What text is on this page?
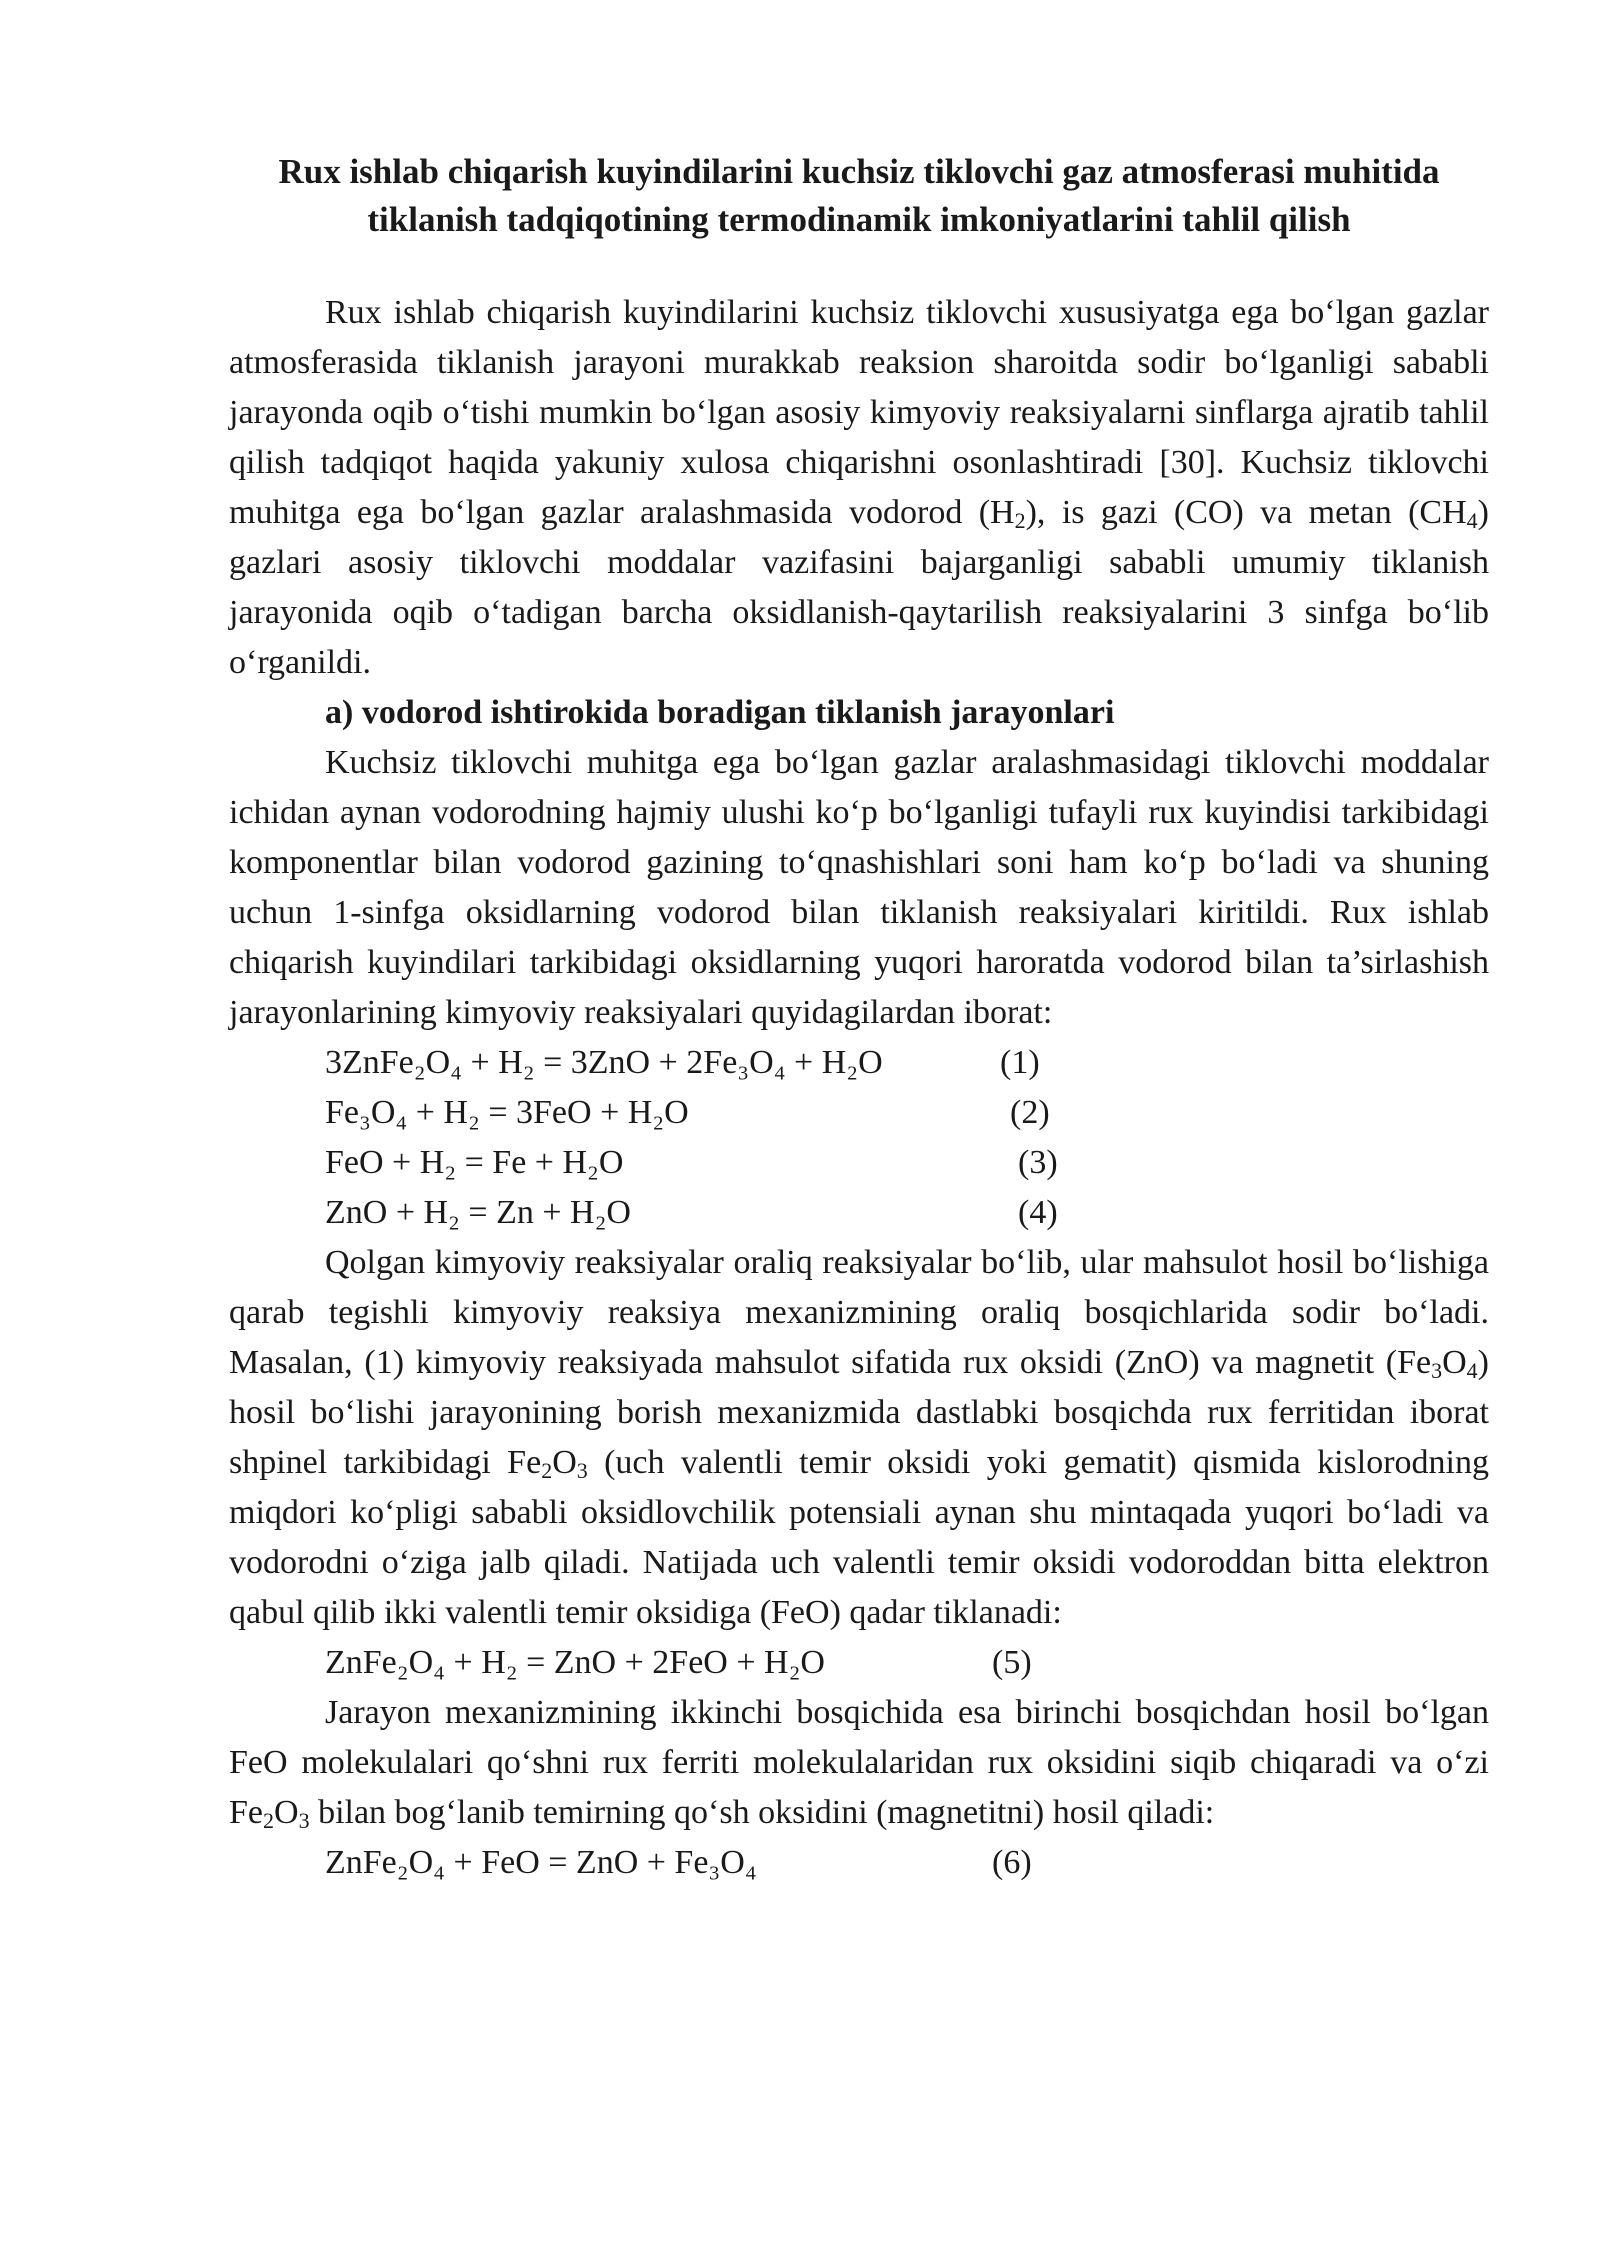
Rux ishlab chiqarish kuyindilarini kuchsiz tiklovchi gaz atmosferasi muhitida tiklanish tadqiqotining termodinamik imkoniyatlarini tahlil qilish

Rux ishlab chiqarish kuyindilarini kuchsiz tiklovchi xususiyatga ega bo‘lgan gazlar atmosferasida tiklanish jarayoni murakkab reaksion sharoitda sodir bo‘lganligi sababli jarayonda oqib o‘tishi mumkin bo‘lgan asosiy kimyoviy reaksiyalarni sinflarga ajratib tahlil qilish tadqiqot haqida yakuniy xulosa chiqarishni osonlashtiradi [30]. Kuchsiz tiklovchi muhitga ega bo‘lgan gazlar aralashmasida vodorod $(H_2)$, is gazi (CO) va metan $(CH_4)$ gazlari asosiy tiklovchi moddalar vazifasini bajarganligi sababli umumiy tiklanish jarayonida oqib o‘tadigan barcha oksidlanish-qaytarilish reaksiyalarini 3 sinfga bo‘lib o‘rganildi.

a) vodorod ishtirokida boradigan tiklanish jarayonlari

Kuchsiz tiklovchi muhitga ega bo‘lgan gazlar aralashmasidagi tiklovchi moddalar ichidan aynan vodorodning hajmiy ulushi ko‘p bo‘lganligi tufayli rux kuyindisi tarkibidagi komponentlar bilan vodorod gazining to‘qnashishlari soni ham ko‘p bo‘ladi va shuning uchun 1-sinfga oksidlarning vodorod bilan tiklanish reaksiyalari kiritildi. Rux ishlab chiqarish kuyindilari tarkibidagi oksidlarning yuqori haroratda vodorod bilan ta’sirlashish jarayonlarining kimyoviy reaksiyalari quyidagilardan iborat:

3ZnFe₂O₄ + H₂ = 3ZnO + 2Fe₃O₄ + H₂O	(1)
Fe₃O₄ + H₂ = 3FeO + H₂O	(2)
FeO + H₂ = Fe + H₂O	(3)
ZnO + H₂ = Zn + H₂O	(4)

Qolgan kimyoviy reaksiyalar oraliq reaksiyalar bo‘lib, ular mahsulot hosil bo‘lishiga qarab tegishli kimyoviy reaksiya mexanizmining oraliq bosqichlarida sodir bo‘ladi. Masalan, (1) kimyoviy reaksiyada mahsulot sifatida rux oksidi (ZnO) va magnetit $(Fe_3O_4)$ hosil bo‘lishi jarayonining borish mexanizmida dastlabki bosqichda rux ferritidan iborat shpinel tarkibidagi $Fe_2O_3$ (uch valentli temir oksidi yoki gematit) qismida kislorodning miqdori ko‘pligi sababli oksidlovchilik potensiali aynan shu mintaqada yuqori bo‘ladi va vodorodni o‘ziga jalb qiladi. Natijada uch valentli temir oksidi vodoroddan bitta elektron qabul qilib ikki valentli temir oksidiga (FeO) qadar tiklanadi:

ZnFe₂O₄ + H₂ = ZnO + 2FeO + H₂O	(5)

Jarayon mexanizmining ikkinchi bosqichida esa birinchi bosqichdan hosil bo‘lgan FeO molekulalari qo‘shni rux ferriti molekulalaridan rux oksidini siqib chiqaradi va o‘zi $Fe_2O_3$ bilan bog‘lanib temirning qo‘sh oksidini (magnetitni) hosil qiladi:

ZnFe₂O₄ + FeO = ZnO + Fe₃O₄	(6)
